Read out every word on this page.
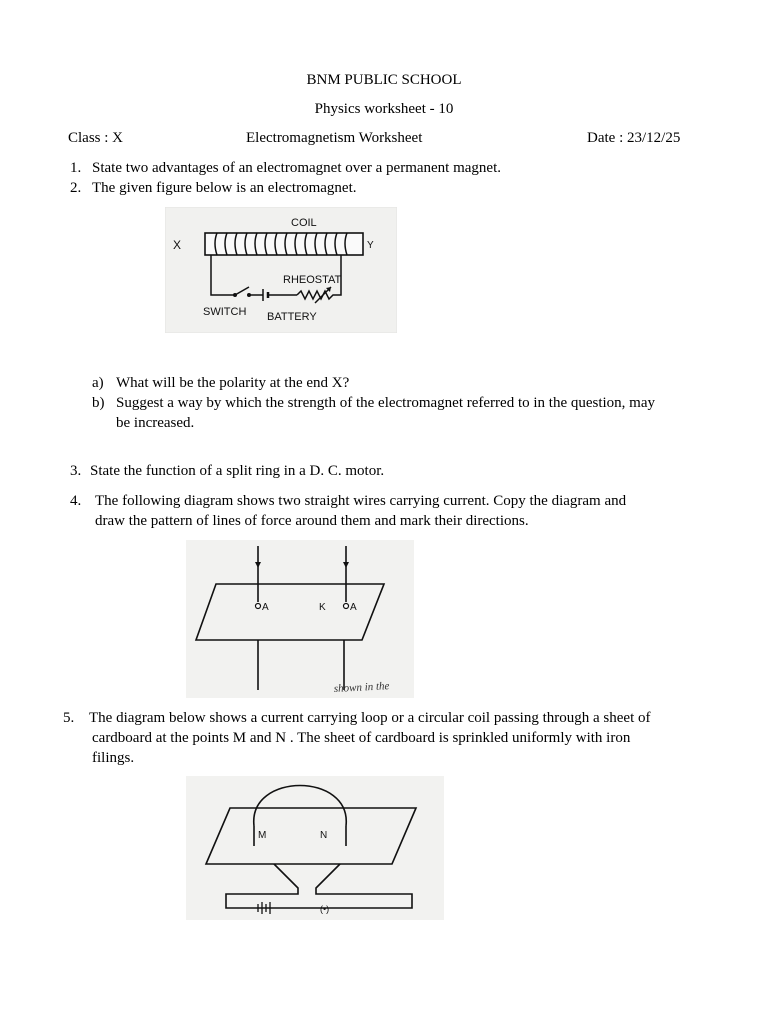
BNM PUBLIC SCHOOL
Physics worksheet - 10
Class : X	Electromagnetism Worksheet	Date : 23/12/25
1. State two advantages of an electromagnet over a permanent magnet.
2. The given figure below is an electromagnet.
COIL
X	Y
RHEOSTAT
SWITCH BATTERY
a) What will be the polarity at the end X?
b) Suggest a way by which the strength of the electromagnet referred to in the question, may
be increased.
3. State the function of a split ring in a D. C. motor.
4. The following diagram shows two straight wires carrying current. Copy the diagram and
draw the pattern of lines of force around them and mark their directions.
A	K A
shown in the
5. The diagram below shows a current carrying loop or a circular coil passing through a sheet of
cardboard at the points M and N . The sheet of cardboard is sprinkled uniformly with iron
filings.
M	N
(•)
